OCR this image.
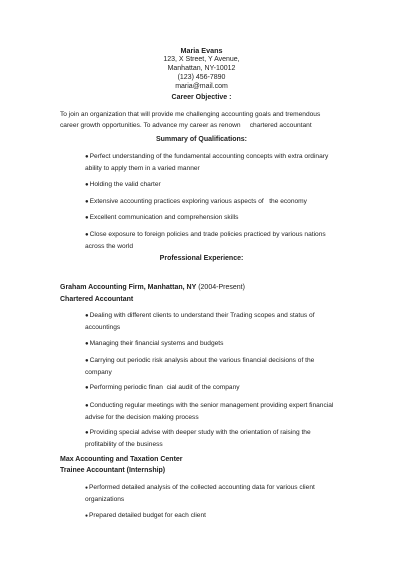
Maria Evans
123, X Street, Y Avenue,
Manhattan, NY-10012
(123) 456-7890
maria@mail.com
Career Objective :
To join an organization that will provide me challenging accounting goals and tremendous
career growth opportunities. To advance my career as renown     chartered accountant
Summary of Qualifications:
●Perfect understanding of the fundamental accounting concepts with extra ordinary
ability to apply them in a varied manner
●Holding the valid charter
●Extensive accounting practices exploring various aspects of   the economy
●Excellent communication and comprehension skills
●Close exposure to foreign policies and trade policies practiced by various nations
across the world
Professional Experience:
Graham Accounting Firm, Manhattan, NY (2004-Present)
Chartered Accountant
●Dealing with different clients to understand their Trading scopes and status of
accountings
●Managing their financial systems and budgets
●Carrying out periodic risk analysis about the various financial decisions of the
company
●Performing periodic finan  cial audit of the company
●Conducting regular meetings with the senior management providing expert financial
advise for the decision making process
●Providing special advise with deeper study with the orientation of raising the
profitability of the business
Max Accounting and Taxation Center
Trainee Accountant (Internship)
●Performed detailed analysis of the collected accounting data for various client
organizations
●Prepared detailed budget for each client
